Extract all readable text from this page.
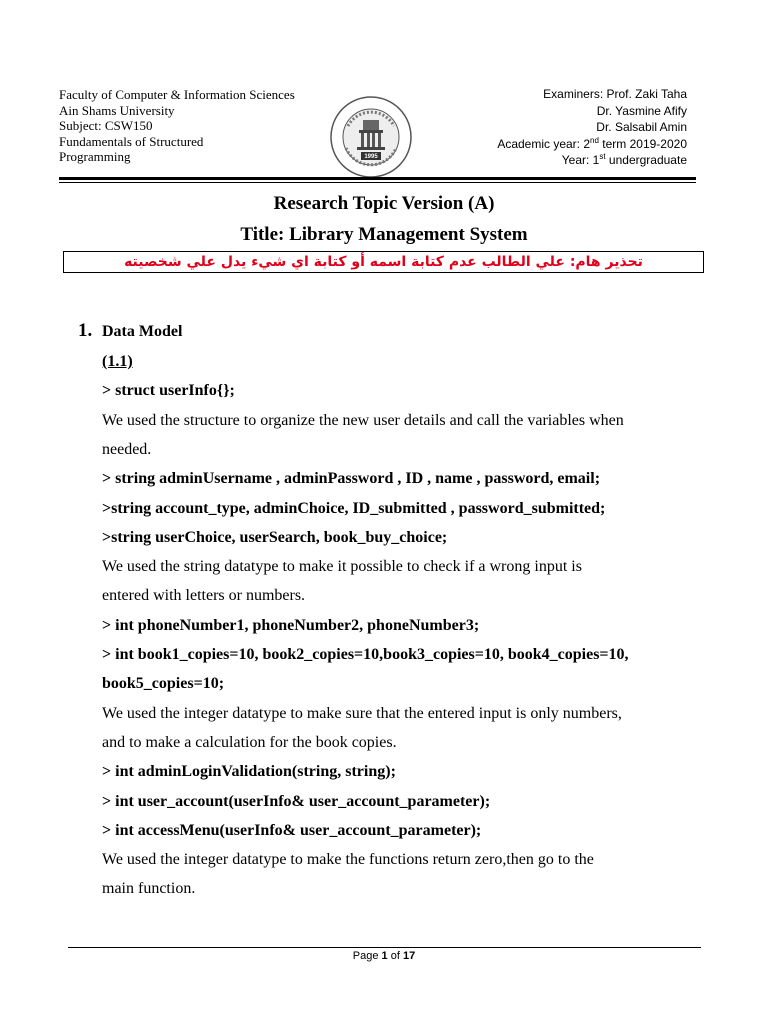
Faculty of Computer & Information Sciences
Ain Shams University
Subject: CSW150
Fundamentals of Structured
Programming	1995
Examiners: Prof. Zaki Taha
Dr. Yasmine Afify
Dr. Salsabil Amin
Academic year: 2nd term 2019-2020
Year: 1st undergraduate
Research Topic Version (A)
Title: Library Management System
تحذير هام: علي الطالب عدم كتابة اسمه أو كتابة اي شيء يدل علي شخصيته
1. Data Model
(1.1)
> struct userInfo{};
We used the structure to organize the new user details and call the variables when
needed.
> string adminUsername , adminPassword , ID , name , password, email;
>string account_type, adminChoice, ID_submitted , password_submitted;
>string userChoice, userSearch, book_buy_choice;
We used the string datatype to make it possible to check if a wrong input is
entered with letters or numbers.
> int phoneNumber1, phoneNumber2, phoneNumber3;
> int book1_copies=10, book2_copies=10,book3_copies=10, book4_copies=10,
book5_copies=10;
We used the integer datatype to make sure that the entered input is only numbers,
and to make a calculation for the book copies.
> int adminLoginValidation(string, string);
> int user_account(userInfo& user_account_parameter);
> int accessMenu(userInfo& user_account_parameter);
We used the integer datatype to make the functions return zero,then go to the
main function.
Page 1 of 17
